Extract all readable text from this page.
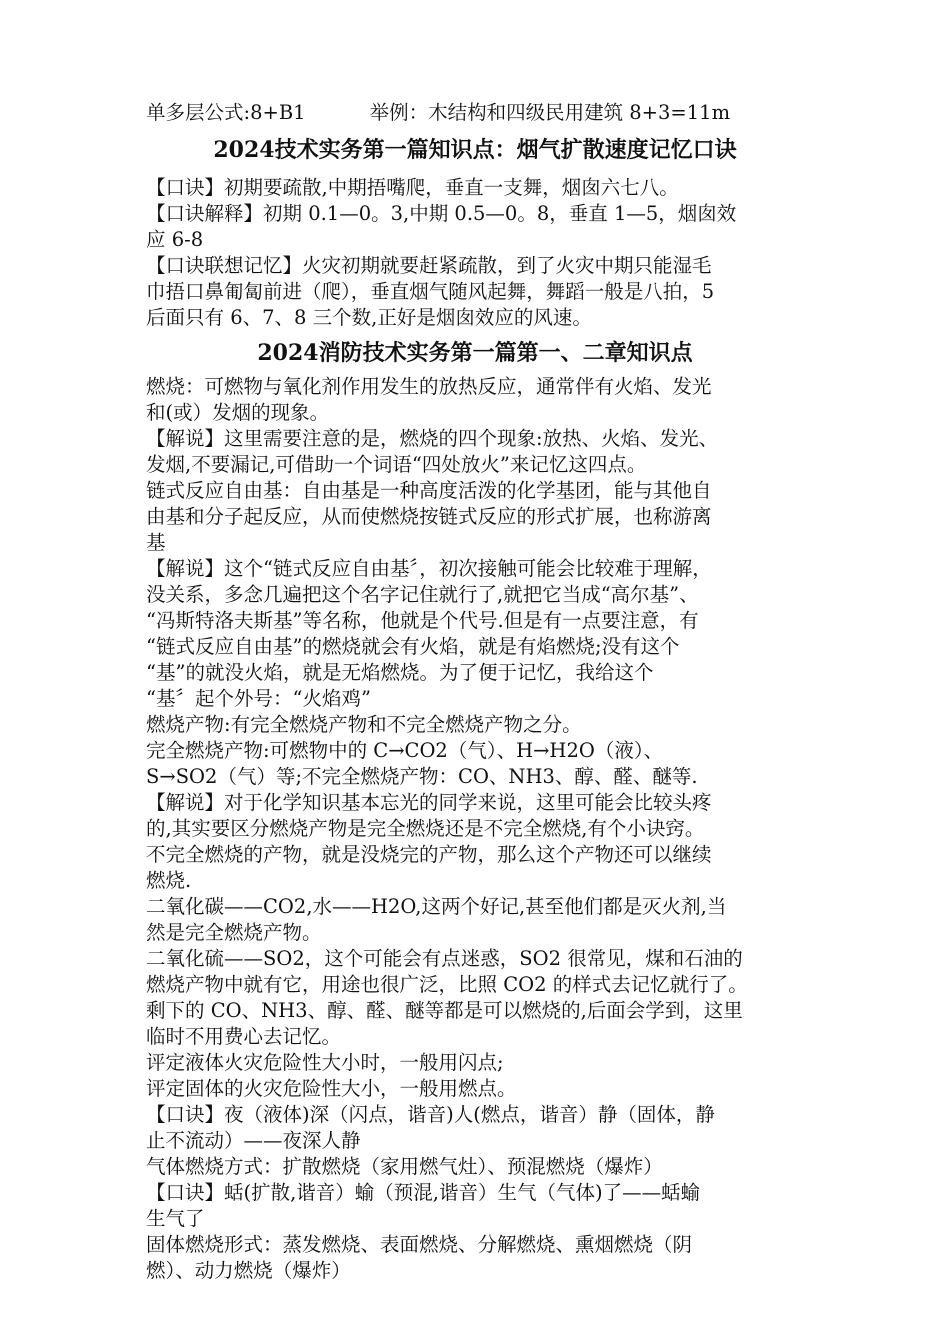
单多层公式:8+B1	举例：木结构和四级民用建筑 8+3=11m
2024技术实务第一篇知识点：烟气扩散速度记忆口诀
【口诀】初期要疏散,中期捂嘴爬，垂直一支舞，烟囱六七八。
【口诀解释】初期 0.1—0。3,中期 0.5—0。8，垂直 1—5，烟囱效
应 6-8
【口诀联想记忆】火灾初期就要赶紧疏散，到了火灾中期只能湿毛
巾捂口鼻匍匐前进（爬），垂直烟气随风起舞，舞蹈一般是八拍，5
后面只有 6、7、8 三个数,正好是烟囱效应的风速。
2024消防技术实务第一篇第一、二章知识点
燃烧：可燃物与氧化剂作用发生的放热反应，通常伴有火焰、发光
和(或）发烟的现象。
【解说】这里需要注意的是，燃烧的四个现象:放热、火焰、发光、
发烟,不要漏记,可借助一个词语“四处放火”来记忆这四点。
链式反应自由基：自由基是一种高度活泼的化学基团，能与其他自
由基和分子起反应，从而使燃烧按链式反应的形式扩展，也称游离
基
【解说】这个“链式反应自由基〞，初次接触可能会比较难于理解，
没关系，多念几遍把这个名字记住就行了,就把它当成“高尔基”、
“冯斯特洛夫斯基”等名称，他就是个代号.但是有一点要注意，有
“链式反应自由基”的燃烧就会有火焰，就是有焰燃烧;没有这个
“基”的就没火焰，就是无焰燃烧。为了便于记忆，我给这个
“基〞起个外号：“火焰鸡”
燃烧产物:有完全燃烧产物和不完全燃烧产物之分。
完全燃烧产物:可燃物中的 C→CO2（气）、H→H2O（液）、
S→SO2（气）等;不完全燃烧产物：CO、NH3、醇、醛、醚等.
【解说】对于化学知识基本忘光的同学来说，这里可能会比较头疼
的,其实要区分燃烧产物是完全燃烧还是不完全燃烧,有个小诀窍。
不完全燃烧的产物，就是没烧完的产物，那么这个产物还可以继续
燃烧.
二氧化碳——CO2,水——H2O,这两个好记,甚至他们都是灭火剂,当
然是完全燃烧产物。
二氧化硫——SO2，这个可能会有点迷惑，SO2 很常见，煤和石油的
燃烧产物中就有它，用途也很广泛，比照 CO2 的样式去记忆就行了。
剩下的 CO、NH3、醇、醛、醚等都是可以燃烧的,后面会学到，这里
临时不用费心去记忆。
评定液体火灾危险性大小时，一般用闪点;
评定固体的火灾危险性大小，一般用燃点。
【口诀】夜（液体)深（闪点，谐音)人(燃点，谐音）静（固体，静
止不流动）——夜深人静
气体燃烧方式：扩散燃烧（家用燃气灶）、预混燃烧（爆炸）
【口诀】蛞(扩散,谐音）蝓（预混,谐音）生气（气体)了——蛞蝓
生气了
固体燃烧形式：蒸发燃烧、表面燃烧、分解燃烧、熏烟燃烧（阴
燃）、动力燃烧（爆炸）
